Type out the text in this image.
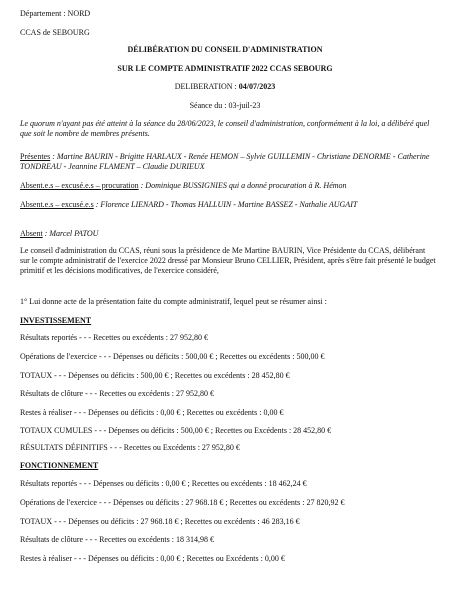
Département : NORD
CCAS de SEBOURG
DÉLIBÉRATION DU CONSEIL D'ADMINISTRATION
SUR LE COMPTE ADMINISTRATIF 2022 CCAS SEBOURG
DELIBERATION : 04/07/2023
Séance du : 03-juil-23
Le quorum n'ayant pas été atteint à la séance du 28/06/2023, le conseil d'administration, conformément à la loi, a délibéré quel que soit le nombre de membres présents.
Présentes : Martine BAURIN - Brigitte HARLAUX - Renée HEMON – Sylvie GUILLEMIN - Christiane DENORME - Catherine TONDREAU - Jeannine FLAMENT – Claudie DURIEUX
Absent.e.s – excusé.e.s – procuration : Dominique BUSSIGNIES qui a donné procuration à R. Hémon
Absent.e.s – excusé.e.s : Florence LIENARD - Thomas HALLUIN - Martine BASSEZ - Nathalie AUGAIT
Absent : Marcel PATOU
Le conseil d'administration du CCAS, réuni sous la présidence de Me Martine BAURIN, Vice Présidente du CCAS, délibérant sur le compte administratif de l'exercice 2022 dressé par Monsieur Bruno CELLIER, Président, après s'être fait présenté le budget primitif et les décisions modificatives, de l'exercice considéré,
1° Lui donne acte de la présentation faite du compte administratif, lequel peut se résumer ainsi :
INVESTISSEMENT
Résultats reportés - - - Recettes ou excédents : 27 952,80 €
Opérations de l'exercice - - - Dépenses ou déficits : 500,00 € ; Recettes ou excédents : 500,00 €
TOTAUX - - - Dépenses ou déficits : 500,00 € ; Recettes ou excédents : 28 452,80 €
Résultats de clôture - - - Recettes ou excédents : 27 952,80 €
Restes à réaliser - - - Dépenses ou déficits : 0,00 € ; Recettes ou excédents : 0,00 €
TOTAUX CUMULES - - - Dépenses ou déficits : 500,00 € ; Recettes ou Excédents : 28 452,80 €
RÉSULTATS DÉFINITIFS - - - Recettes ou Excédents : 27 952,80 €
FONCTIONNEMENT
Résultats reportés - - - Dépenses ou déficits : 0,00 € ; Recettes ou excédents : 18 462,24 €
Opérations de l'exercice - - - Dépenses ou déficits : 27 968.18 € ; Recettes ou excédents : 27 820,92 €
TOTAUX - - - Dépenses ou déficits : 27 968.18 € ; Recettes ou excédents : 46 283,16 €
Résultats de clôture - - - Recettes ou excédents : 18 314,98 €
Restes à réaliser - - - Dépenses ou déficits : 0,00 € ; Recettes ou Excédents : 0,00 €
